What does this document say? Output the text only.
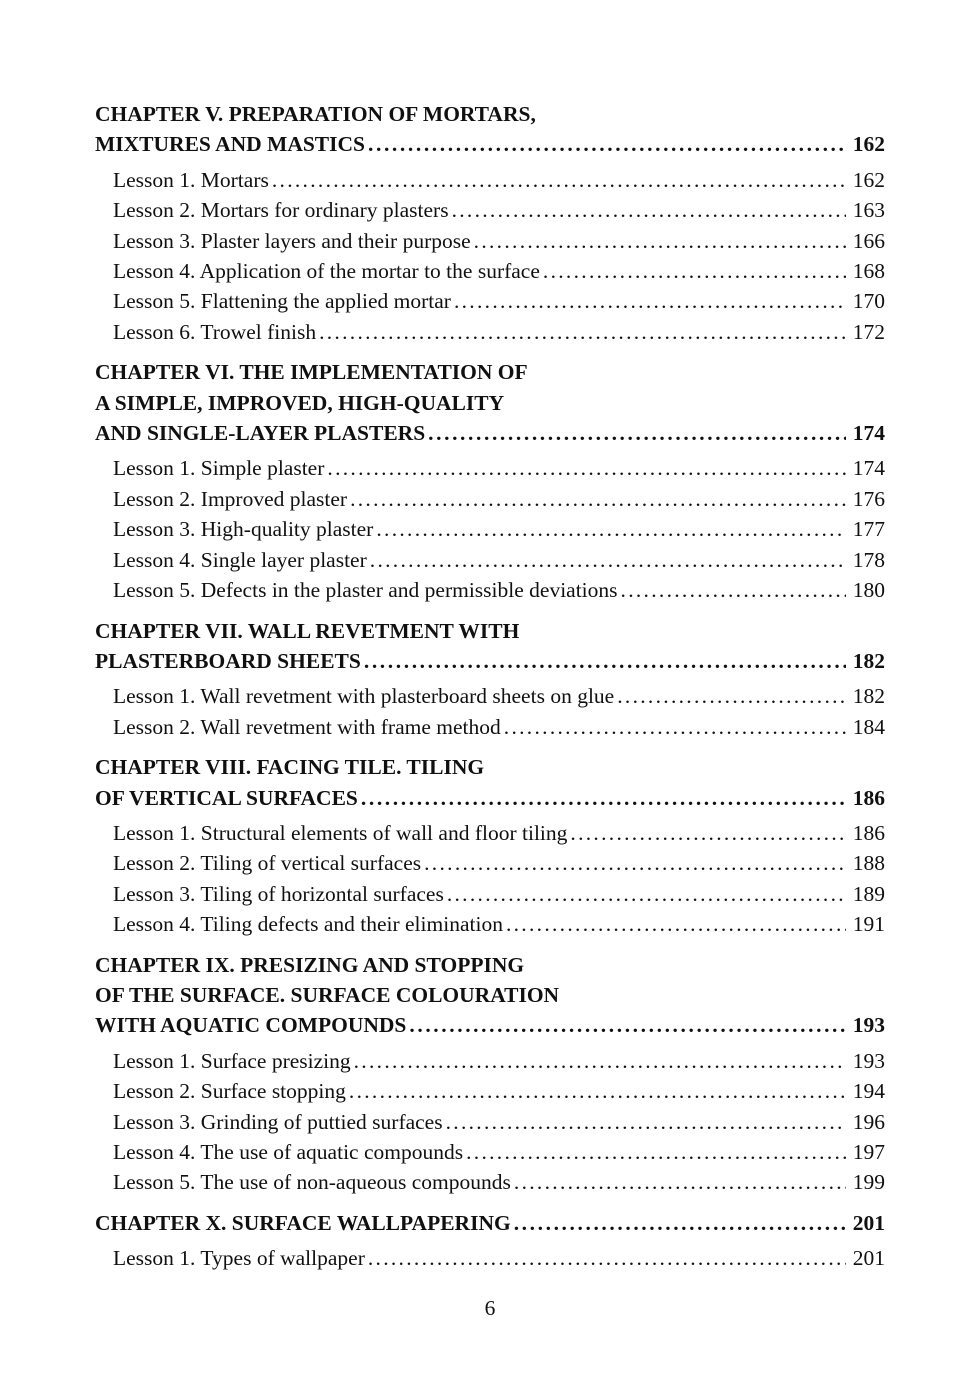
CHAPTER V. PREPARATION OF MORTARS,
MIXTURES AND MASTICS .....	162
Lesson 1. Mortars .....	162
Lesson 2. Mortars for ordinary plasters .....	163
Lesson 3. Plaster layers and their purpose .....	166
Lesson 4. Application of the mortar to the surface .....	168
Lesson 5. Flattening the applied mortar .....	170
Lesson 6. Trowel finish .....	172
CHAPTER VI. THE IMPLEMENTATION OF
A SIMPLE, IMPROVED, HIGH-QUALITY
AND SINGLE-LAYER PLASTERS .....	174
Lesson 1. Simple plaster .....	174
Lesson 2. Improved plaster .....	176
Lesson 3. High-quality plaster .....	177
Lesson 4. Single layer plaster .....	178
Lesson 5. Defects in the plaster and permissible deviations .....	180
CHAPTER VII. WALL REVETMENT WITH
PLASTERBOARD SHEETS .....	182
Lesson 1. Wall revetment with plasterboard sheets on glue .....	182
Lesson 2. Wall revetment with frame method .....	184
CHAPTER VIII. FACING TILE. TILING
OF VERTICAL SURFACES .....	186
Lesson 1. Structural elements of wall and floor tiling .....	186
Lesson 2. Tiling of vertical surfaces .....	188
Lesson 3. Tiling of horizontal surfaces .....	189
Lesson 4. Tiling defects and their elimination .....	191
CHAPTER IX. PRESIZING AND STOPPING
OF THE SURFACE. SURFACE COLOURATION
WITH AQUATIC COMPOUNDS .....	193
Lesson 1. Surface presizing .....	193
Lesson 2. Surface stopping .....	194
Lesson 3. Grinding of puttied surfaces .....	196
Lesson 4. The use of aquatic compounds .....	197
Lesson 5. The use of non-aqueous compounds .....	199
CHAPTER X. SURFACE WALLPAPERING .....	201
Lesson 1. Types of wallpaper .....	201
6
